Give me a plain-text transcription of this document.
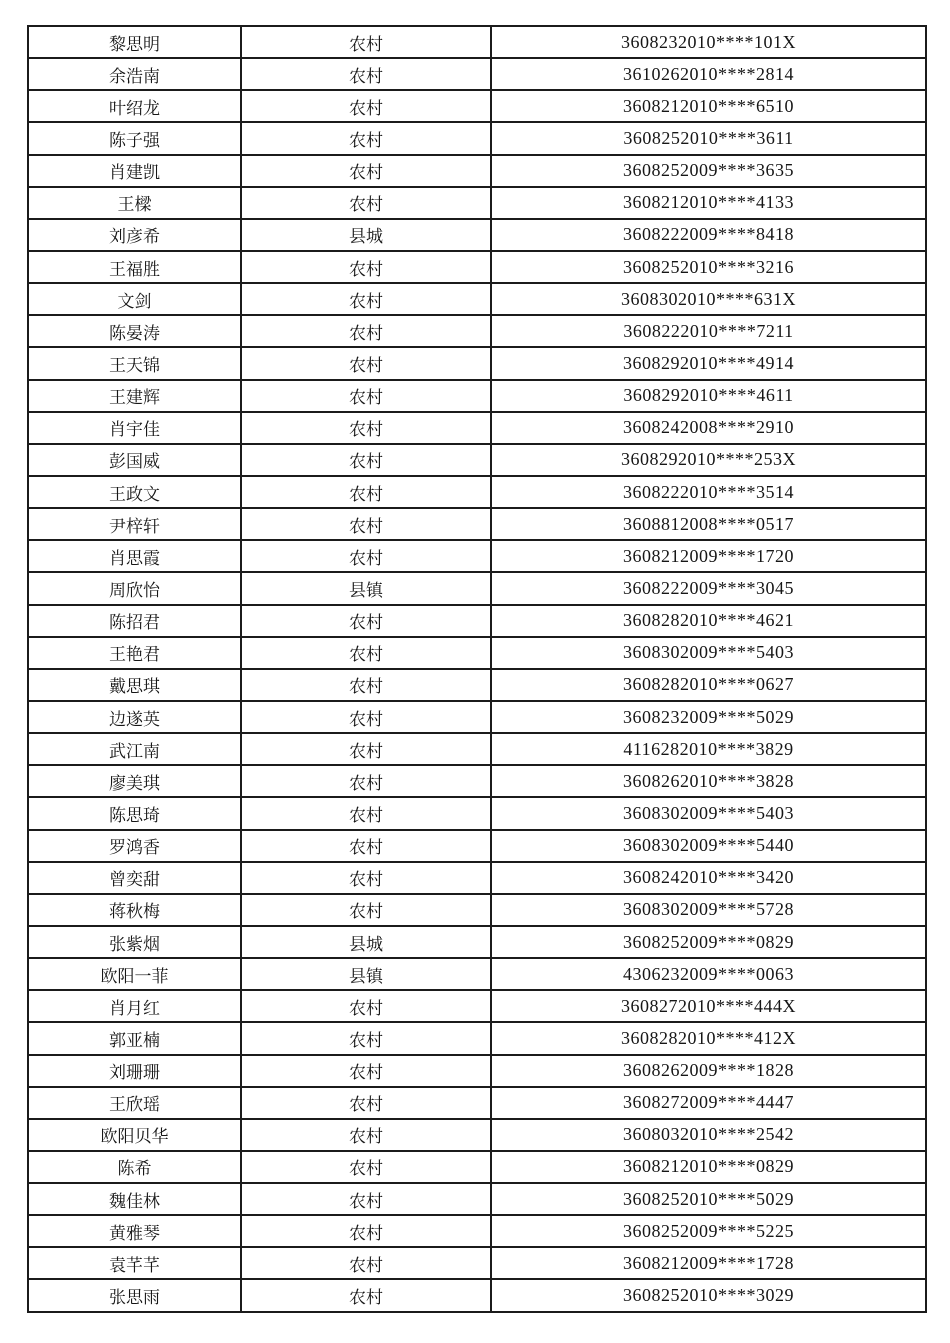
黎思明	农村	3608232010****101X
余浩南	农村	3610262010****2814
叶绍龙	农村	3608212010****6510
陈子强	农村	3608252010****3611
肖建凯	农村	3608252009****3635
王樑	农村	3608212010****4133
刘彦希	县城	3608222009****8418
王福胜	农村	3608252010****3216
文剑	农村	3608302010****631X
陈晏涛	农村	3608222010****7211
王天锦	农村	3608292010****4914
王建辉	农村	3608292010****4611
肖宇佳	农村	3608242008****2910
彭国威	农村	3608292010****253X
王政文	农村	3608222010****3514
尹梓轩	农村	3608812008****0517
肖思霞	农村	3608212009****1720
周欣怡	县镇	3608222009****3045
陈招君	农村	3608282010****4621
王艳君	农村	3608302009****5403
戴思琪	农村	3608282010****0627
边遂英	农村	3608232009****5029
武江南	农村	4116282010****3829
廖美琪	农村	3608262010****3828
陈思琦	农村	3608302009****5403
罗鸿香	农村	3608302009****5440
曾奕甜	农村	3608242010****3420
蒋秋梅	农村	3608302009****5728
张紫烟	县城	3608252009****0829
欧阳一菲	县镇	4306232009****0063
肖月红	农村	3608272010****444X
郭亚楠	农村	3608282010****412X
刘珊珊	农村	3608262009****1828
王欣瑶	农村	3608272009****4447
欧阳贝华	农村	3608032010****2542
陈希	农村	3608212010****0829
魏佳林	农村	3608252010****5029
黄雅琴	农村	3608252009****5225
袁芊芊	农村	3608212009****1728
张思雨	农村	3608252010****3029
